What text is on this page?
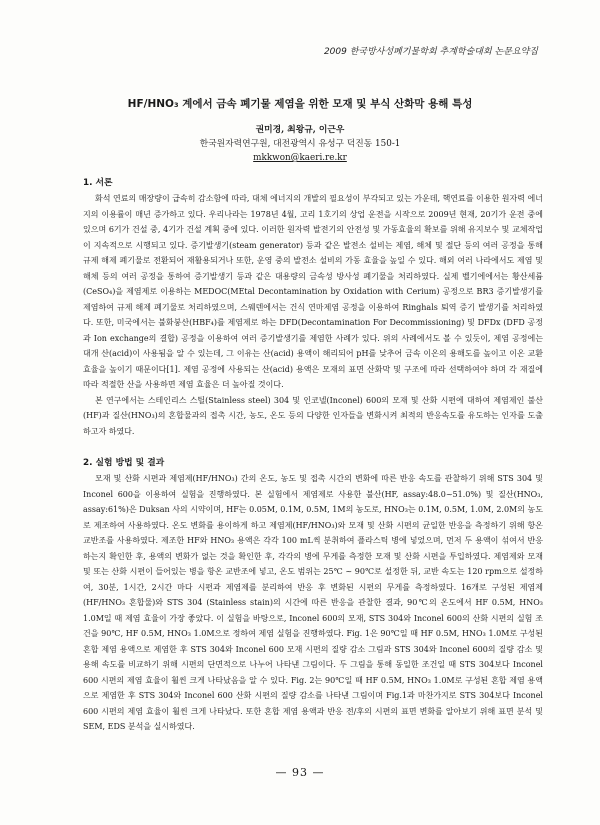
2009 한국방사성폐기물학회 추계학술대회 논문요약집
HF/HNO₃ 계에서 금속 폐기물 제염을 위한 모재 및 부식 산화막 용해 특성
권미경, 최왕규, 이근우
한국원자력연구원, 대전광역시 유성구 덕진동 150-1
mkkwon@kaeri.re.kr
1. 서론

화석 연료의 매장량이 급속히 감소함에 따라, 대체 에너지의 개발의 필요성이 부각되고 있는 가운데, 핵연료를 이용한 원자력 에너지의 이용률이 매년 증가하고 있다. 우리나라는 1978년 4월, 고리 1호기의 상업 운전을 시작으로 2009년 현재, 20기가 운전 중에 있으며 6기가 건설 중, 4기가 건설 계획 중에 있다. 이러한 원자력 발전기의 안전성 및 가동효율의 확보를 위해 유지보수 및 교체작업이 지속적으로 시행되고 있다. 증기발생기(steam generator) 등과 같은 발전소 설비는 제염, 해체 및 절단 등의 여러 공정을 통해 규제 해제 폐기물로 전환되어 재활용되거나 또한, 운영 중의 발전소 설비의 가동 효율을 높일 수 있다. 해외 여러 나라에서도 제염 및 해체 등의 여러 공정을 통하여 증기발생기 등과 같은 대용량의 금속성 방사성 폐기물을 처리하였다. 실제 벨기에에서는 황산세륨(CeSO₄)을 제염제로 이용하는 MEDOC(MEtal Decontamination by Oxidation with Cerium) 공정으로 BR3 증기발생기를 제염하여 규제 해제 폐기물로 처리하였으며, 스웨덴에서는 건식 연마제염 공정을 이용하여 Ringhals 퇴역 증기 발생기를 처리하였다. 또한, 미국에서는 불화붕산(HBF₄)를 제염제로 하는 DFD(Decontamination For Decommissioning) 및 DFDx (DFD 공정과 Ion exchange의 결합) 공정을 이용하여 여러 증기발생기를 제염한 사례가 있다. 위의 사례에서도 볼 수 있듯이, 제염 공정에는 대개 산(acid)이 사용됨을 알 수 있는데, 그 이유는 산(acid) 용액이 해리되어 pH를 낮추어 금속 이온의 용해도를 높이고 이온 교환 효율을 높이기 때문이다[1]. 제염 공정에 사용되는 산(acid) 용액은 모재의 표면 산화막 및 구조에 따라 선택하여야 하며 각 재질에 따라 적절한 산을 사용하면 제염 효율은 더 높아질 것이다.

본 연구에서는 스테인리스 스틸(Stainless steel) 304 및 인코넬(Inconel) 600의 모재 및 산화 시편에 대하여 제염제인 불산(HF)과 질산(HNO₃)의 혼합물과의 접촉 시간, 농도, 온도 등의 다양한 인자들을 변화시켜 최적의 반응속도를 유도하는 인자를 도출하고자 하였다.

2. 실험 방법 및 결과

모재 및 산화 시편과 제염제(HF/HNO₃) 간의 온도, 농도 및 접촉 시간의 변화에 따른 반응 속도를 관찰하기 위해 STS 304 및 Inconel 600을 이용하여 실험을 진행하였다. 본 실험에서 제염제로 사용한 불산(HF, assay:48.0~51.0%) 및 질산(HNO₃, assay:61%)은 Duksan 사의 시약이며, HF는 0.05M, 0.1M, 0.5M, 1M의 농도로, HNO₃는 0.1M, 0.5M, 1.0M, 2.0M의 농도로 제조하여 사용하였다. 온도 변화를 용이하게 하고 제염제(HF/HNO₃)와 모재 및 산화 시편의 균일한 반응을 측정하기 위해 항온 교반조를 사용하였다. 제조한 HF와 HNO₃ 용액은 각각 100 mL씩 분취하여 플라스틱 병에 넣었으며, 먼저 두 용액이 섞여서 반응하는지 확인한 후, 용액의 변화가 없는 것을 확인한 후, 각각의 병에 무게를 측정한 모재 및 산화 시편을 투입하였다. 제염제와 모재 및 또는 산화 시편이 들어있는 병을 항온 교반조에 넣고, 온도 범위는 25℃ ~ 90℃로 설정한 뒤, 교반 속도는 120 rpm으로 설정하여, 30분, 1시간, 2시간 마다 시편과 제염제를 분리하여 반응 후 변화된 시편의 무게를 측정하였다. 16개로 구성된 제염제(HF/HNO₃ 혼합물)와 STS 304 (Stainless stain)의 시간에 따른 반응을 관찰한 결과, 90℃의 온도에서 HF 0.5M, HNO₃ 1.0M일 때 제염 효율이 가장 좋았다. 이 실험을 바탕으로, Inconel 600의 모재, STS 304와 Inconel 600의 산화 시편의 실험 조건을 90℃, HF 0.5M, HNO₃ 1.0M으로 정하여 제염 실험을 진행하였다. Fig. 1은 90℃일 때 HF 0.5M, HNO₃ 1.0M로 구성된 혼합 제염 용액으로 제염한 후 STS 304와 Inconel 600 모재 시편의 질량 감소 그림과 STS 304와 Inconel 600의 질량 감소 및 용해 속도를 비교하기 위해 시편의 단면적으로 나누어 나타낸 그림이다. 두 그림을 통해 동일한 조건일 때 STS 304보다 Inconel 600 시편의 제염 효율이 훨씬 크게 나타났음을 알 수 있다. Fig. 2는 90℃일 때 HF 0.5M, HNO₃ 1.0M로 구성된 혼합 제염 용액으로 제염한 후 STS 304와 Inconel 600 산화 시편의 질량 감소를 나타낸 그림이며 Fig.1과 마찬가지로 STS 304보다 Inconel 600 시편의 제염 효율이 훨씬 크게 나타났다. 또한 혼합 제염 용액과 반응 전/후의 시편의 표면 변화를 알아보기 위해 표면 분석 및 SEM, EDS 분석을 실시하였다.

— 93 —
